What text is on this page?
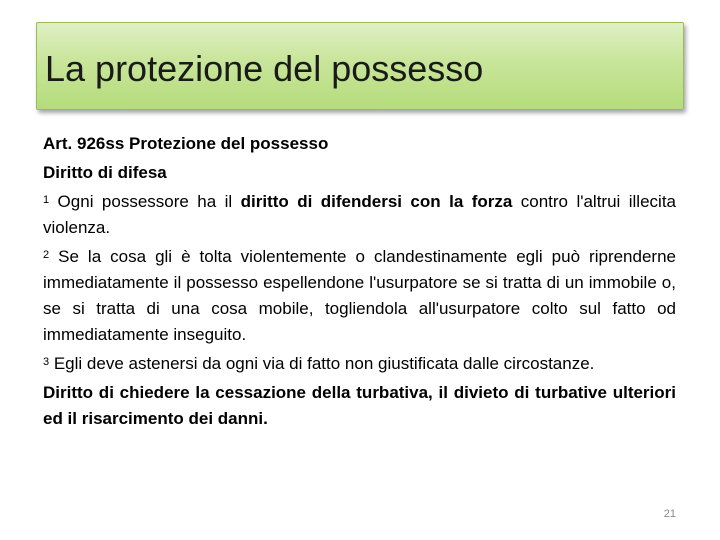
La protezione del possesso

Art. 926ss Protezione del possesso

Diritto di difesa

$^1$ Ogni possessore ha il diritto di difendersi con la forza contro l'altrui illecita violenza.

$^2$ Se la cosa gli è tolta violentemente o clandestinamente egli può riprenderne immediatamente il possesso espellendone l'usurpatore se si tratta di un immobile o, se si tratta di una cosa mobile, togliendola all'usurpatore colto sul fatto od immediatamente inseguito.

$^3$ Egli deve astenersi da ogni via di fatto non giustificata dalle circostanze.

Diritto di chiedere la cessazione della turbativa, il divieto di turbative ulteriori ed il risarcimento dei danni.

21
